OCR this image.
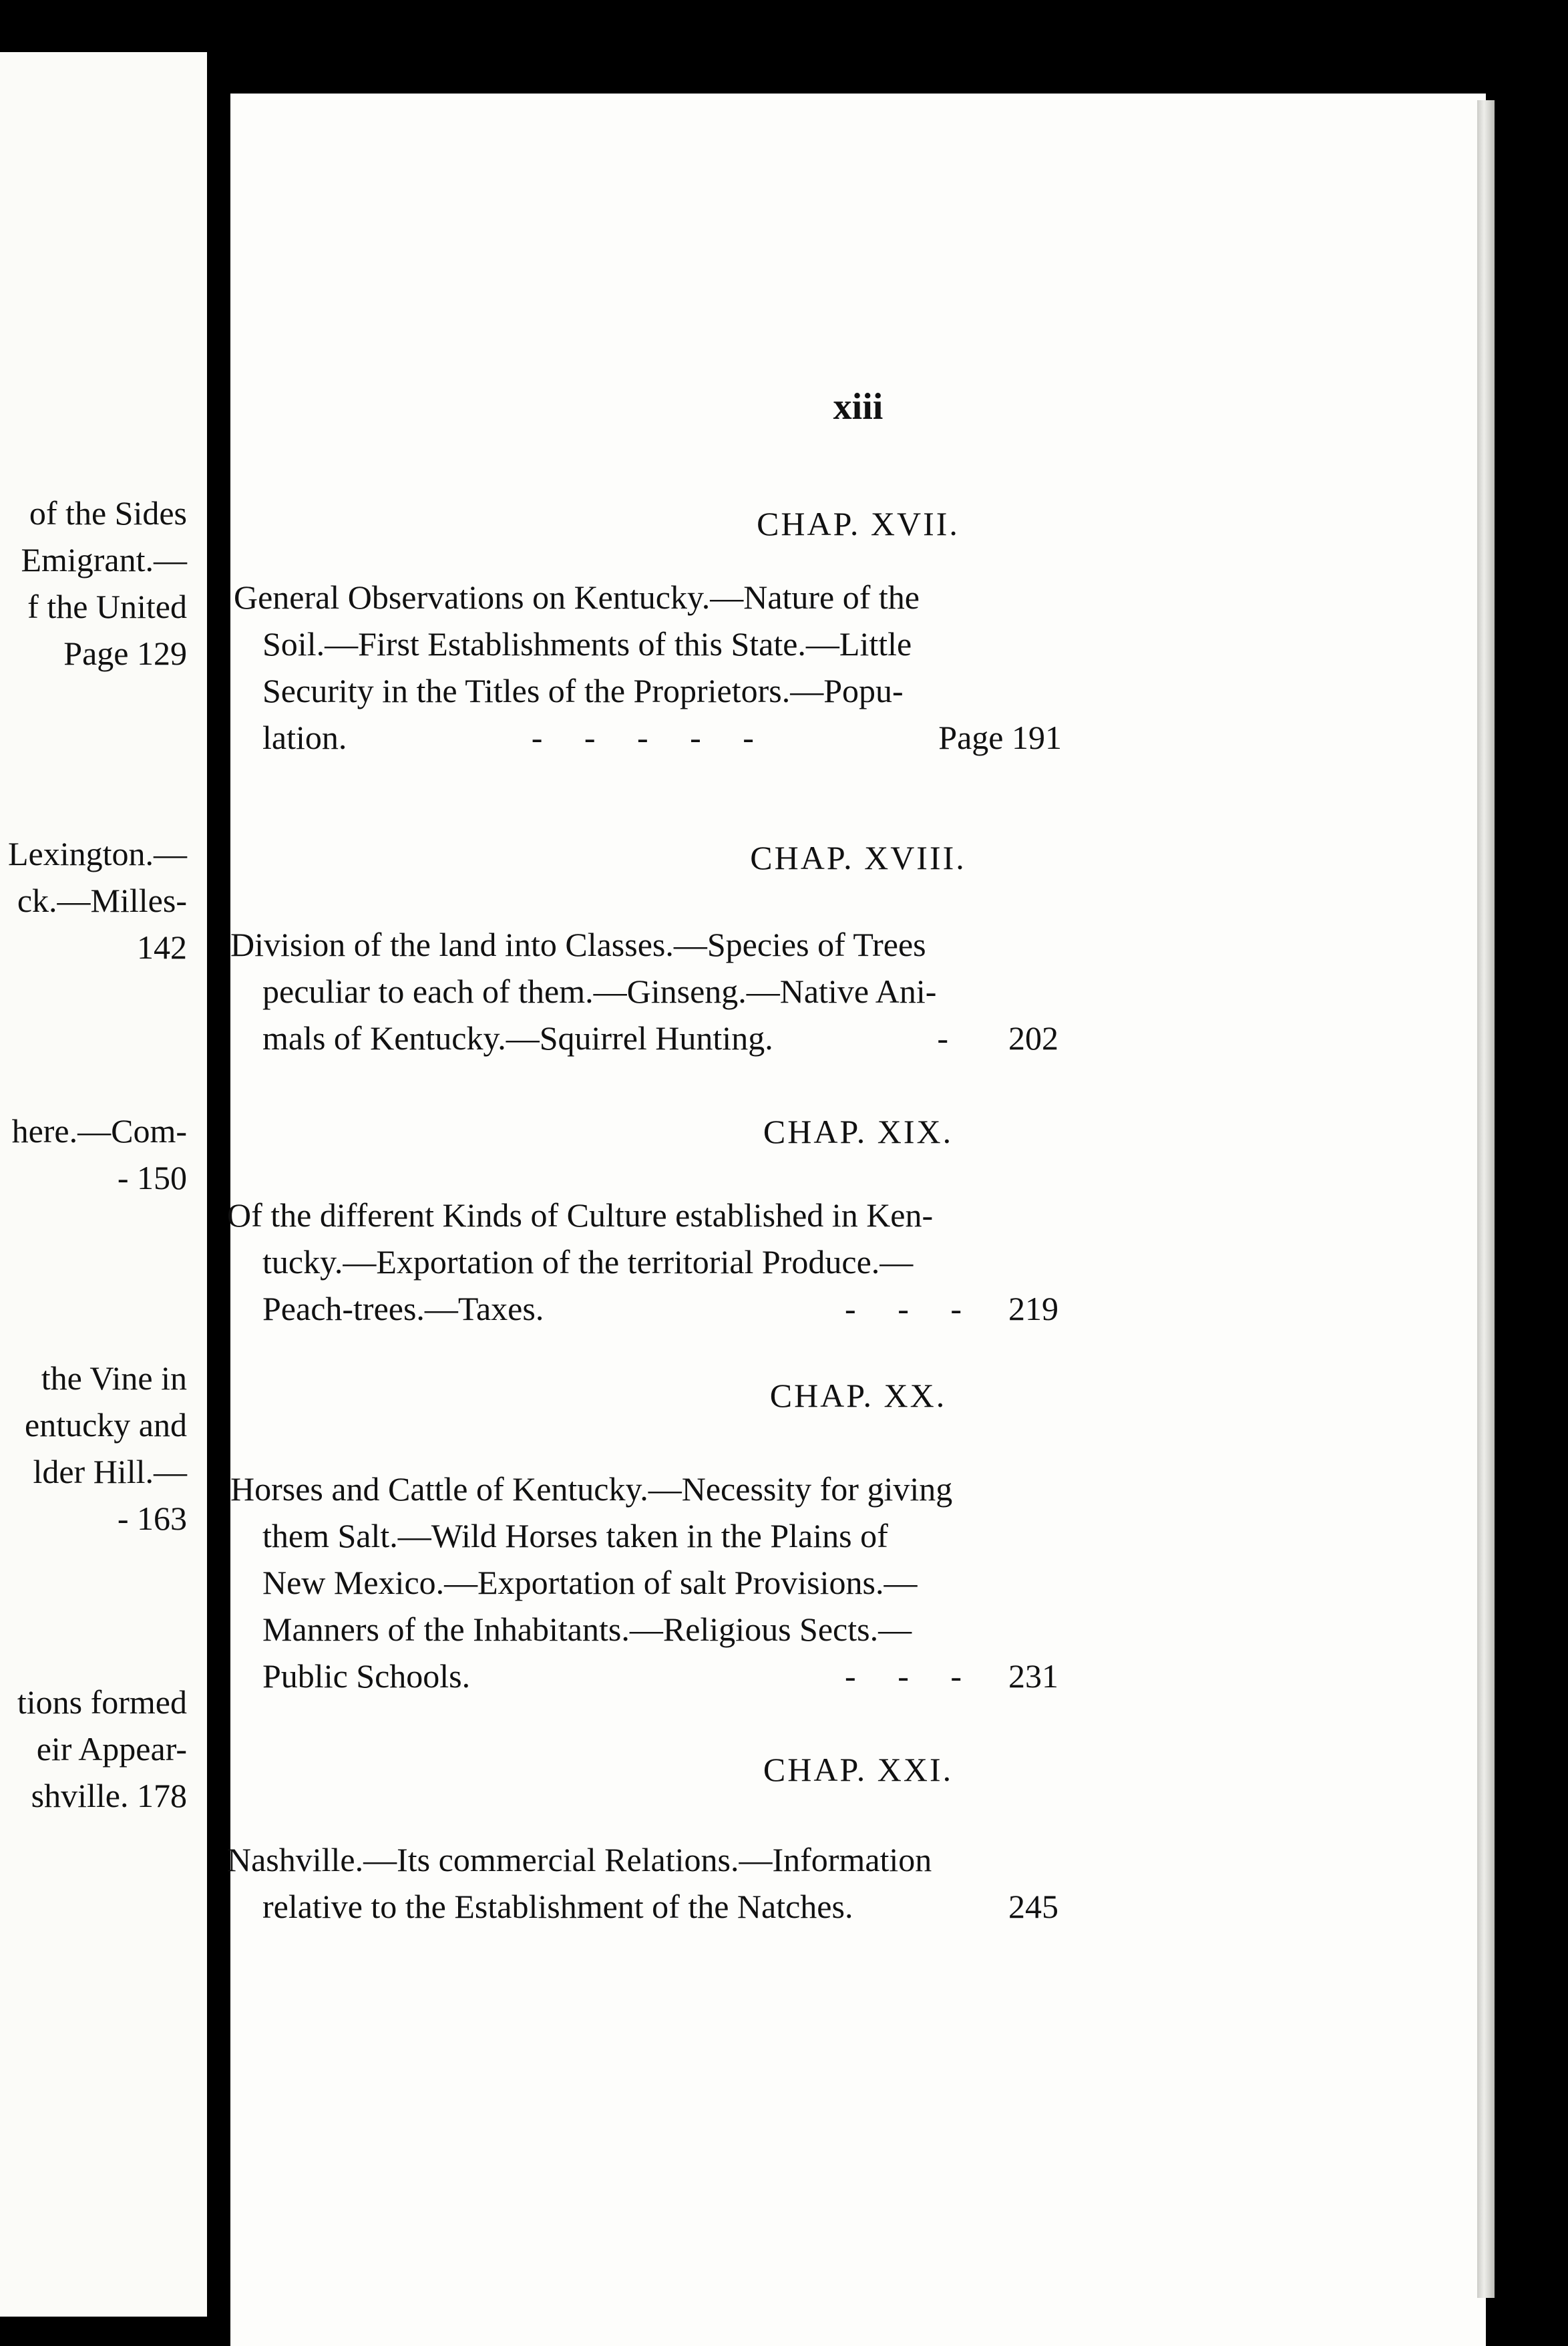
of the Sides
Emigrant.—
f the United
Page 129
Lexington.—
ck.—Milles-
142
here.—Com-
- 150
the Vine in
entucky and
lder Hill.—
- 163
tions formed
eir Appear-
shville. 178
xiii
CHAP. XVII.
General Observations on Kentucky.—Nature of the
Soil.—First Establishments of this State.—Little
Security in the Titles of the Proprietors.—Popu-
lation.	-     -     -     -     -	Page 191
CHAP. XVIII.
Division of the land into Classes.—Species of Trees
peculiar to each of them.—Ginseng.—Native Ani-
mals of Kentucky.—Squirrel Hunting.	- 202
CHAP. XIX.
Of the different Kinds of Culture established in Ken-
tucky.—Exportation of the territorial Produce.—
Peach-trees.—Taxes.	-     -     - 219
CHAP. XX.
Horses and Cattle of Kentucky.—Necessity for giving
them Salt.—Wild Horses taken in the Plains of
New Mexico.—Exportation of salt Provisions.—
Manners of the Inhabitants.—Religious Sects.—
Public Schools.	-     -     - 231
CHAP. XXI.
Nashville.—Its commercial Relations.—Information
relative to the Establishment of the Natches.	245
